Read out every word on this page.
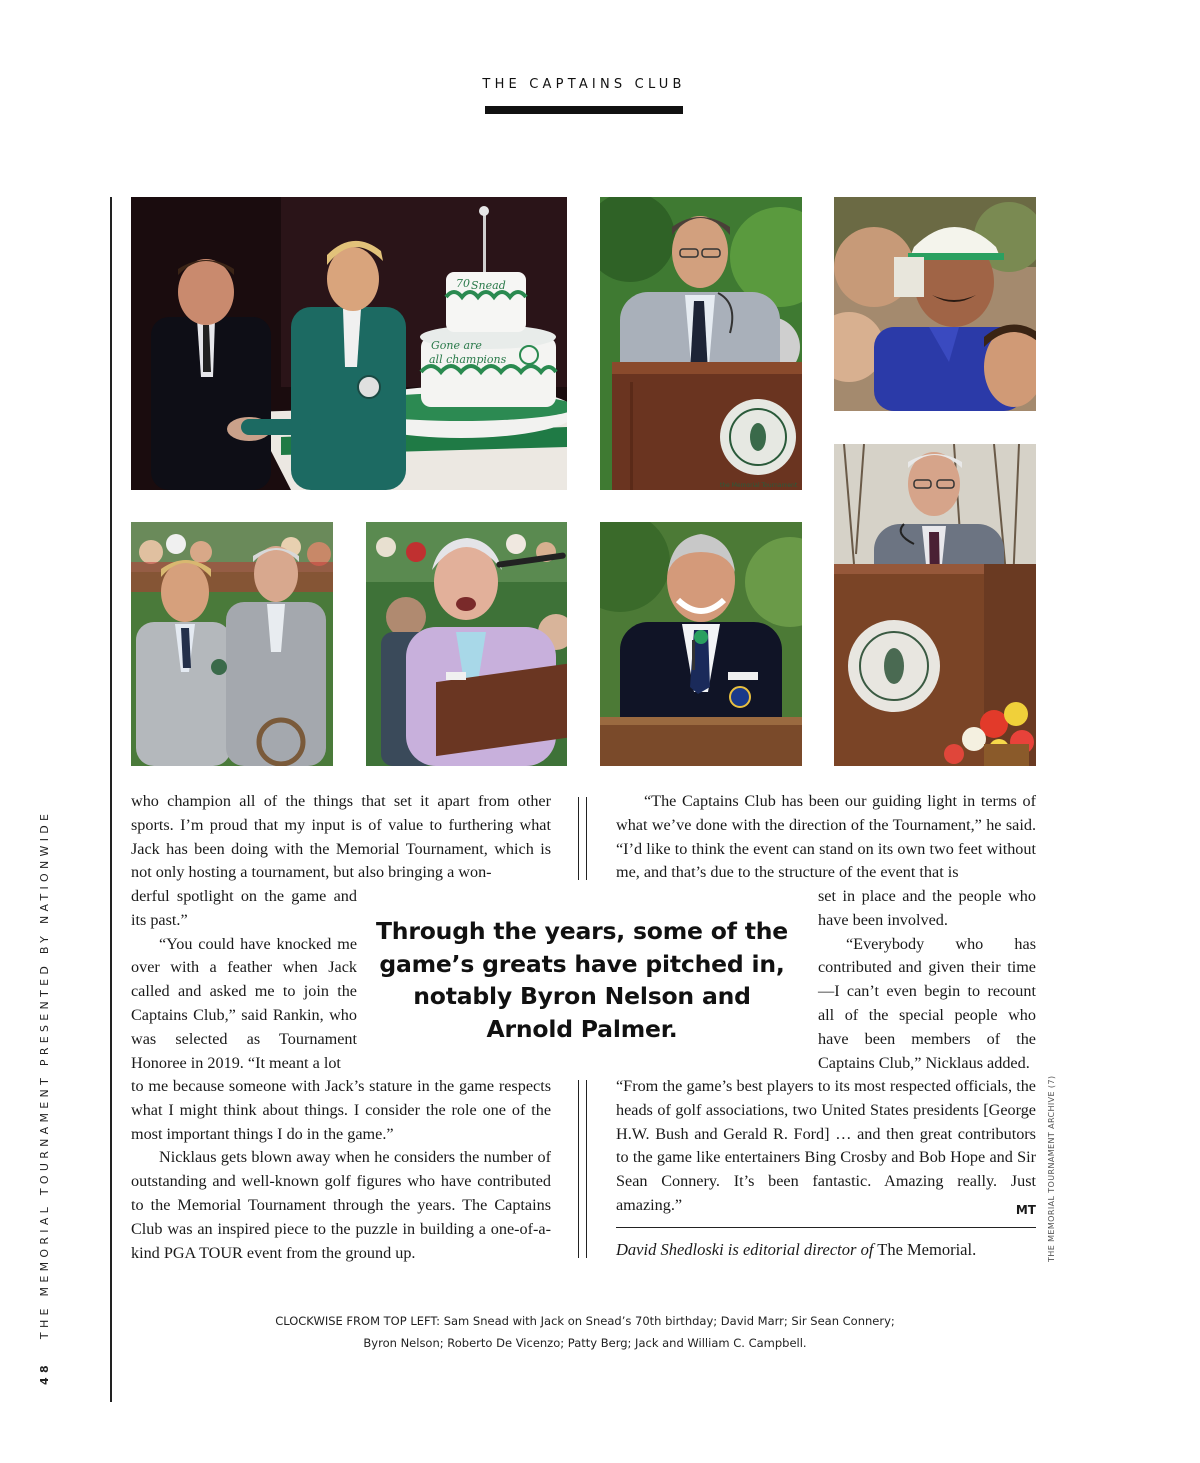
THE CAPTAINS CLUB
48THE MEMORIAL TOURNAMENT PRESENTED BY NATIONWIDE	THE MEMORIAL TOURNAMENT ARCHIVE (7)
70 Snead
Gone are
all champions
the Memorial Tournament

who champion all of the things that set it apart from other sports. I’m proud that my input is of value to furthering what Jack has been doing with the Memorial Tournament, which is not only hosting a tournament, but also bringing a won-

derful spotlight on the game and its past.”

“You could have knocked me over with a feather when Jack called and asked me to join the Captains Club,” said Rankin, who was selected as Tournament Honoree in 2019. “It meant a lot

to me because someone with Jack’s stature in the game respects what I might think about things. I consider the role one of the most important things I do in the game.”

Nicklaus gets blown away when he considers the number of outstanding and well-known golf figures who have contributed to the Memorial Tournament through the years. The Captains Club was an inspired piece to the puzzle in building a one-of-a-kind PGA TOUR event from the ground up.

“The Captains Club has been our guiding light in terms of what we’ve done with the direction of the Tournament,” he said. “I’d like to think the event can stand on its own two feet without me, and that’s due to the structure of the event that is

set in place and the people who have been involved.

“Everybody who has contributed and given their time—I can’t even begin to recount all of the special people who have been members of the Captains Club,” Nicklaus added.

“From the game’s best players to its most respected officials, the heads of golf associations, two United States presidents [George H.W. Bush and Gerald R. Ford] … and then great contributors to the game like entertainers Bing Crosby and Bob Hope and Sir Sean Connery. It’s been fantastic. Amazing really. Just amazing.”	MT

Through the years, some of the game’s greats have pitched in, notably Byron Nelson and Arnold Palmer.
David Shedloski is editorial director of The Memorial.
CLOCKWISE FROM TOP LEFT: Sam Snead with Jack on Snead’s 70th birthday; David Marr; Sir Sean Connery;
Byron Nelson; Roberto De Vicenzo; Patty Berg; Jack and William C. Campbell.
